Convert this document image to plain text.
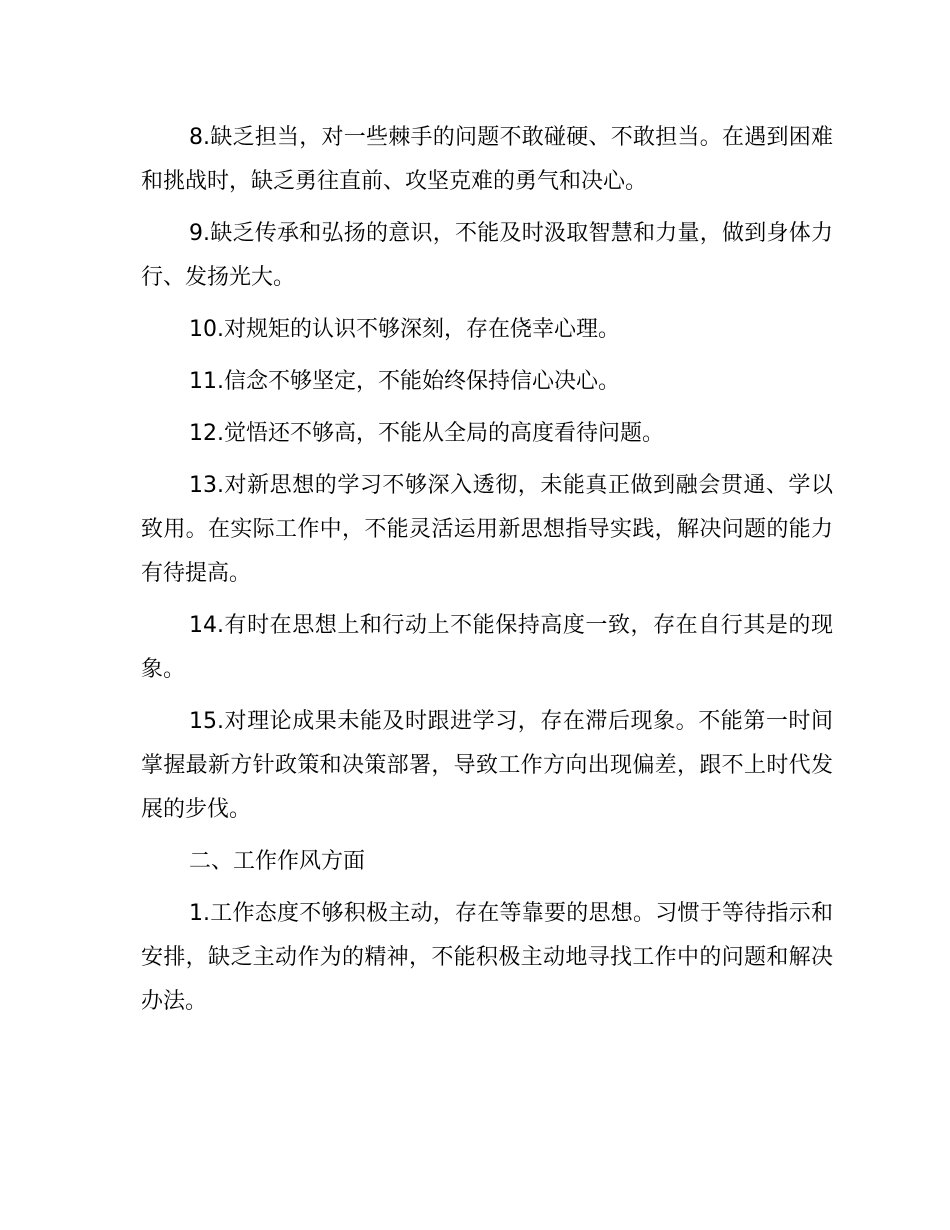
8.缺乏担当，对一些棘手的问题不敢碰硬、不敢担当。在遇到困难和挑战时，缺乏勇往直前、攻坚克难的勇气和决心。

9.缺乏传承和弘扬的意识，不能及时汲取智慧和力量，做到身体力行、发扬光大。

10.对规矩的认识不够深刻，存在侥幸心理。

11.信念不够坚定，不能始终保持信心决心。

12.觉悟还不够高，不能从全局的高度看待问题。

13.对新思想的学习不够深入透彻，未能真正做到融会贯通、学以致用。在实际工作中，不能灵活运用新思想指导实践，解决问题的能力有待提高。

14.有时在思想上和行动上不能保持高度一致，存在自行其是的现象。

15.对理论成果未能及时跟进学习，存在滞后现象。不能第一时间掌握最新方针政策和决策部署，导致工作方向出现偏差，跟不上时代发展的步伐。

二、工作作风方面

1.工作态度不够积极主动，存在等靠要的思想。习惯于等待指示和安排，缺乏主动作为的精神，不能积极主动地寻找工作中的问题和解决办法。
